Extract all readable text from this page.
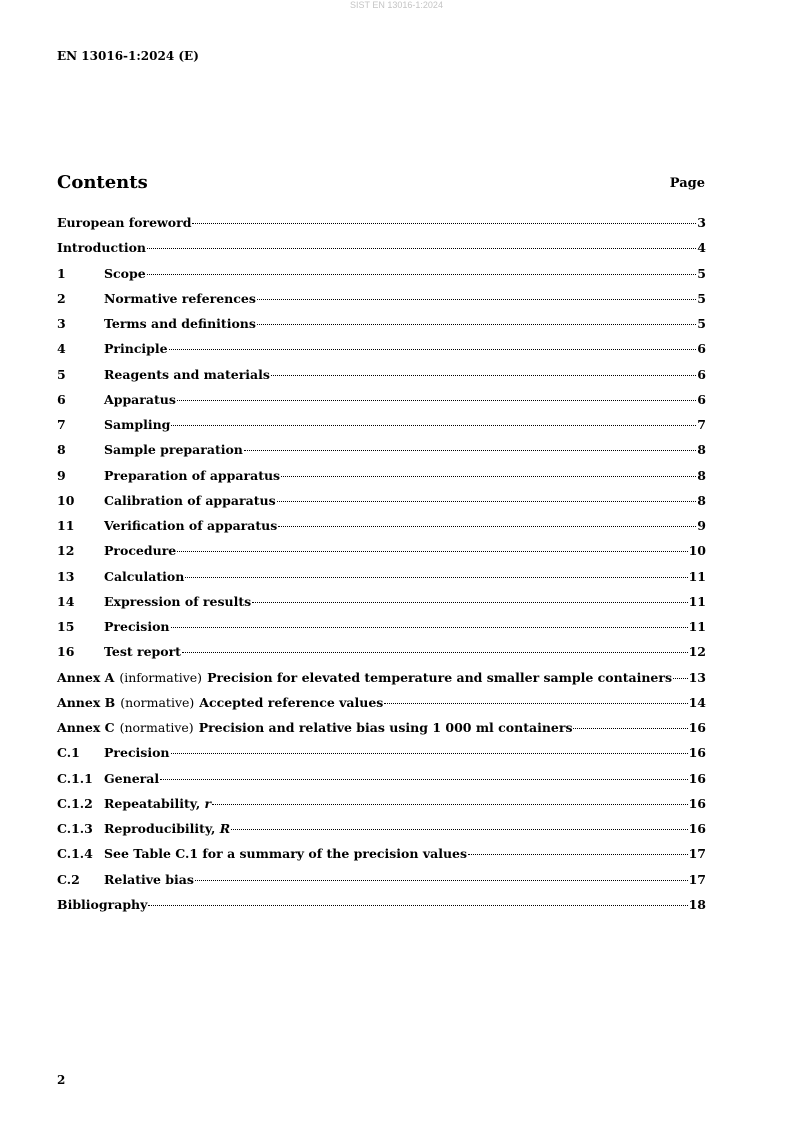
SIST EN 13016-1:2024
EN 13016-1:2024 (E)
Contents	Page
European foreword	3
Introduction	4
1	Scope	5
2	Normative references	5
3	Terms and definitions	5
4	Principle	6
5	Reagents and materials	6
6	Apparatus	6
7	Sampling	7
8	Sample preparation	8
9	Preparation of apparatus	8
10	Calibration of apparatus	8
11	Verification of apparatus	9
12	Procedure	10
13	Calculation	11
14	Expression of results	11
15	Precision	11
16	Test report	12
Annex A (informative) Precision for elevated temperature and smaller sample containers 13
Annex B (normative) Accepted reference values	14
Annex C (normative) Precision and relative bias using 1 000 ml containers	16
C.1	Precision	16
C.1.1 General	16
C.1.2 Repeatability, r	16
C.1.3 Reproducibility, R	16
C.1.4 See Table C.1 for a summary of the precision values	17
C.2	Relative bias	17
Bibliography	18
2
